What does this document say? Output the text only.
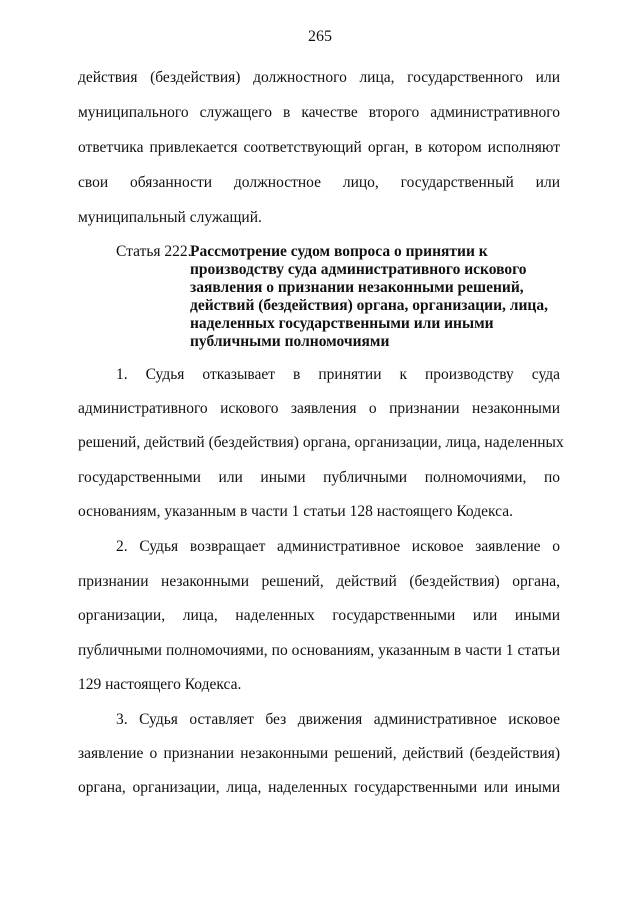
265
действия (бездействия) должностного лица, государственного или
муниципального служащего в качестве второго административного
ответчика привлекается соответствующий орган, в котором исполняют
свои обязанности должностное лицо, государственный или
муниципальный служащий.
Статья 222.
Рассмотрение судом вопроса о принятии к
производству суда административного искового
заявления о признании незаконными решений,
действий (бездействия) органа, организации, лица,
наделенных государственными или иными
публичными полномочиями
1. Судья отказывает в принятии к производству суда
административного искового заявления о признании незаконными
решений, действий (бездействия) органа, организации, лица, наделенных
государственными или иными публичными полномочиями, по
основаниям, указанным в части 1 статьи 128 настоящего Кодекса.
2. Судья возвращает административное исковое заявление о
признании незаконными решений, действий (бездействия) органа,
организации, лица, наделенных государственными или иными
публичными полномочиями, по основаниям, указанным в части 1 статьи
129 настоящего Кодекса.
3. Судья оставляет без движения административное исковое
заявление о признании незаконными решений, действий (бездействия)
органа, организации, лица, наделенных государственными или иными
